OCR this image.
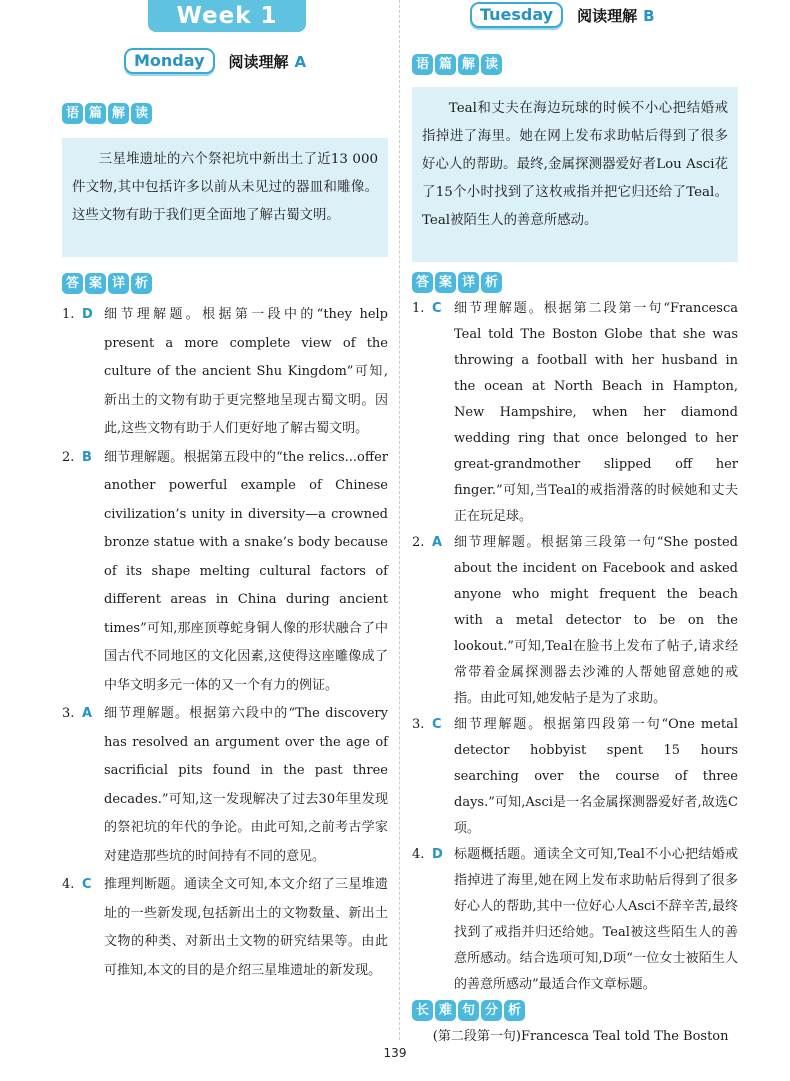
Week 1
Monday	阅读理解 A
语 篇 解 读
三星堆遗址的六个祭祀坑中新出土了近13 000件文物,其中包括许多以前从未见过的器皿和雕像。这些文物有助于我们更全面地了解古蜀文明。
答 案 详 析
1. D 细节理解题。根据第一段中的“they help present a more complete view of the culture of the ancient Shu Kingdom”可知,新出土的文物有助于更完整地呈现古蜀文明。因此,这些文物有助于人们更好地了解古蜀文明。
2. B 细节理解题。根据第五段中的“the relics...offer another powerful example of Chinese civilization’s unity in diversity—a crowned bronze statue with a snake’s body because of its shape melting cultural factors of different areas in China during ancient times”可知,那座顶尊蛇身铜人像的形状融合了中国古代不同地区的文化因素,这使得这座雕像成了中华文明多元一体的又一个有力的例证。
3. A 细节理解题。根据第六段中的“The discovery has resolved an argument over the age of sacrificial pits found in the past three decades.”可知,这一发现解决了过去30年里发现的祭祀坑的年代的争论。由此可知,之前考古学家对建造那些坑的时间持有不同的意见。
4. C 推理判断题。通读全文可知,本文介绍了三星堆遗址的一些新发现,包括新出土的文物数量、新出土文物的种类、对新出土文物的研究结果等。由此可推知,本文的目的是介绍三星堆遗址的新发现。
Tuesday	阅读理解 B
语 篇 解 读
Teal和丈夫在海边玩球的时候不小心把结婚戒指掉进了海里。她在网上发布求助帖后得到了很多好心人的帮助。最终,金属探测器爱好者Lou Asci花了15个小时找到了这枚戒指并把它归还给了Teal。Teal被陌生人的善意所感动。
答 案 详 析
1. C 细节理解题。根据第二段第一句“Francesca Teal told The Boston Globe that she was throwing a football with her husband in the ocean at North Beach in Hampton, New Hampshire, when her diamond wedding ring that once belonged to her great-grandmother slipped off her finger.”可知,当Teal的戒指滑落的时候她和丈夫正在玩足球。
2. A 细节理解题。根据第三段第一句“She posted about the incident on Facebook and asked anyone who might frequent the beach with a metal detector to be on the lookout.”可知,Teal在脸书上发布了帖子,请求经常带着金属探测器去沙滩的人帮她留意她的戒指。由此可知,她发帖子是为了求助。
3. C 细节理解题。根据第四段第一句“One metal detector hobbyist spent 15 hours searching over the course of three days.”可知,Asci是一名金属探测器爱好者,故选C项。
4. D 标题概括题。通读全文可知,Teal不小心把结婚戒指掉进了海里,她在网上发布求助帖后得到了很多好心人的帮助,其中一位好心人Asci不辞辛苦,最终找到了戒指并归还给她。Teal被这些陌生人的善意所感动。结合选项可知,D项“一位女士被陌生人的善意所感动”最适合作文章标题。
长 难 句 分 析
(第二段第一句)Francesca Teal told The Boston
139
